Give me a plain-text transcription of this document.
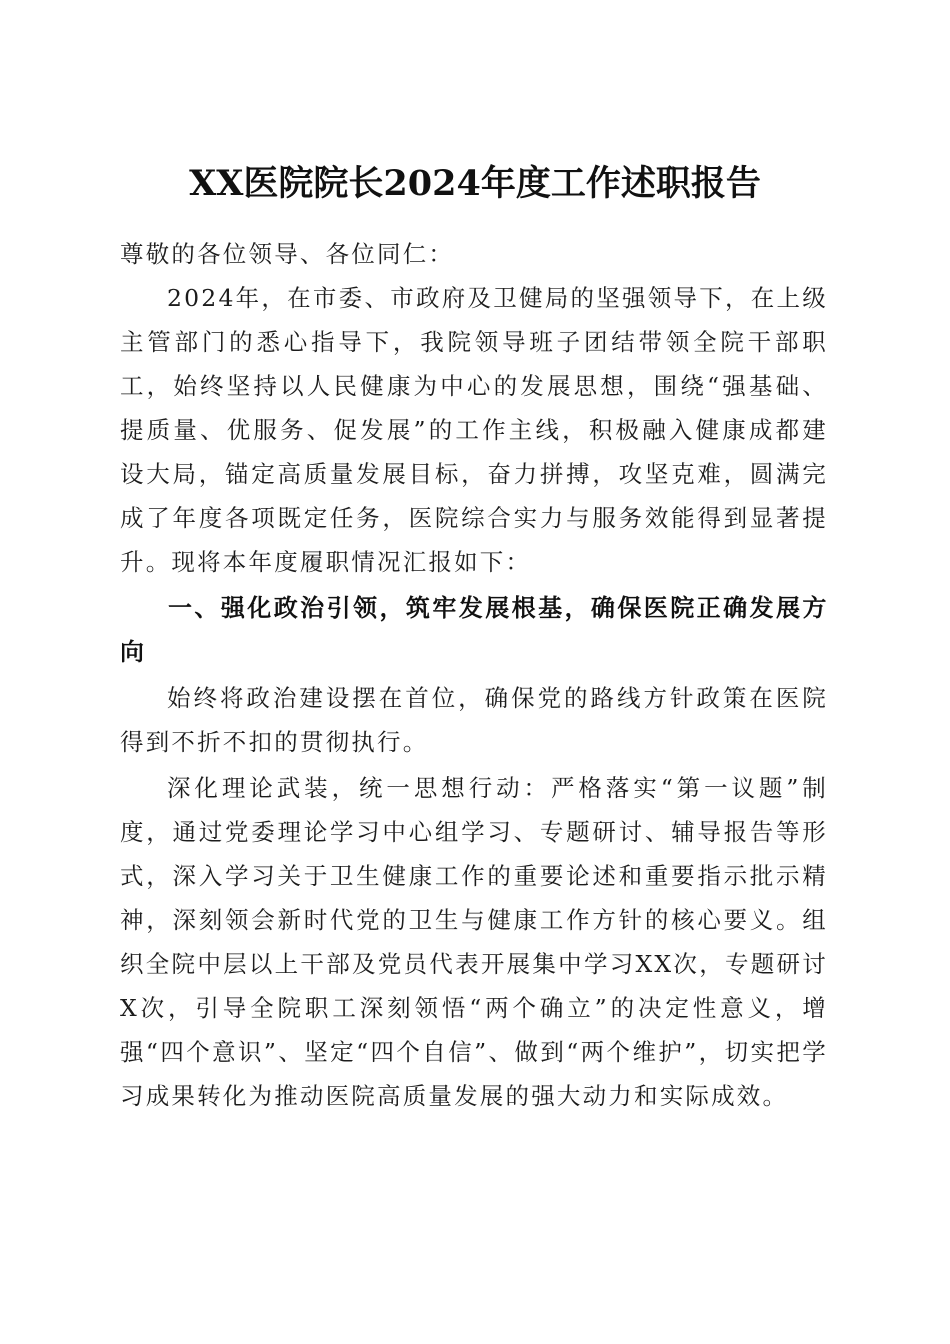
XX医院院长2024年度工作述职报告

尊敬的各位领导、各位同仁：

2024年，在市委、市政府及卫健局的坚强领导下，在上级主管部门的悉心指导下，我院领导班子团结带领全院干部职工，始终坚持以人民健康为中心的发展思想，围绕“强基础、提质量、优服务、促发展”的工作主线，积极融入健康成都建设大局，锚定高质量发展目标，奋力拼搏，攻坚克难，圆满完成了年度各项既定任务，医院综合实力与服务效能得到显著提升。现将本年度履职情况汇报如下：

一、强化政治引领，筑牢发展根基，确保医院正确发展方向

始终将政治建设摆在首位，确保党的路线方针政策在医院得到不折不扣的贯彻执行。

深化理论武装，统一思想行动：严格落实“第一议题”制度，通过党委理论学习中心组学习、专题研讨、辅导报告等形式，深入学习关于卫生健康工作的重要论述和重要指示批示精神，深刻领会新时代党的卫生与健康工作方针的核心要义。组织全院中层以上干部及党员代表开展集中学习XX次，专题研讨X次，引导全院职工深刻领悟“两个确立”的决定性意义，增强“四个意识”、坚定“四个自信”、做到“两个维护”，切实把学习成果转化为推动医院高质量发展的强大动力和实际成效。
